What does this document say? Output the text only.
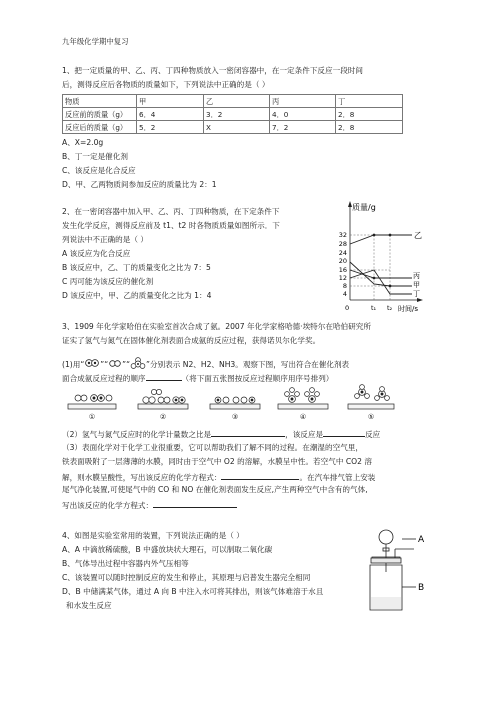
九年级化学期中复习
1、把一定质量的甲、乙、丙、丁四种物质放入一密闭容器中，在一定条件下反应一段时间
后，测得反应后各物质的质量如下，下列说法中正确的是（ ）
物质	甲	乙	丙	丁
反应前的质量（g）	6．4	3．2	4．0	2．8
反应后的质量（g）	5．2	X	7．2	2．8
A、X=2.0g
B、丁一定是催化剂
C、该反应是化合反应
D、甲、乙两物质间参加反应的质量比为 2：1
2、在一密闭容器中加入甲、乙、丙、丁四种物质，在下定条件下
发生化学反应，测得反应前及 t1、t2 时各物质质量如图所示．下
列说法中不正确的是（ ）
A 该反应为化合反应
B 该反应中，乙、丁的质量变化之比为 7：5
C 丙可能为该反应的催化剂
D 该反应中，甲、乙的质量变化之比为 1：4
质量/g
32
28
24
20
16
12
8
4
0
乙
丙
甲
丁
t₁ t₂ 时间/s
3、1909 年化学家哈伯在实验室首次合成了氨。2007 年化学家格哈德·埃特尔在哈伯研究所
证实了氢气与氮气在固体催化剂表面合成氨的反应过程，获得诺贝尔化学奖。
(1)用“ ”“ ”“ ”分别表示 N2、H2、NH3。观察下图，写出符合在催化剂表
面合成氨反应过程的顺序	（将下面五张图按反应过程顺序用序号排列）
①	②	③	④	⑤
（2）氢气与氮气反应时的化学计量数之比是	，该反应是	反应
（3）表面化学对于化学工业很重要，它可以帮助我们了解不同的过程。在潮湿的空气里，
铁表面吸附了一层薄薄的水膜，同时由于空气中 O2 的溶解，水膜呈中性。若空气中 CO2 溶
解，则水膜呈酸性，写出该反应的化学方程式：	。在汽车排气管上安装
尾气净化装置,可使尾气中的 CO 和 NO 在催化剂表面发生反应,产生两种空气中含有的气体,
写出该反应的化学方程式：
4、如图是实验室常用的装置，下列说法正确的是（ ）
A、A 中滴放稀硫酸，B 中盛放块状大理石，可以制取二氧化碳
B、气体导出过程中容器内外气压相等
C、该装置可以随时控制反应的发生和停止，其原理与启普发生器完全相同
D、B 中储满某气体，通过 A 向 B 中注入水可将其排出，则该气体难溶于水且
和水发生反应
A
B
